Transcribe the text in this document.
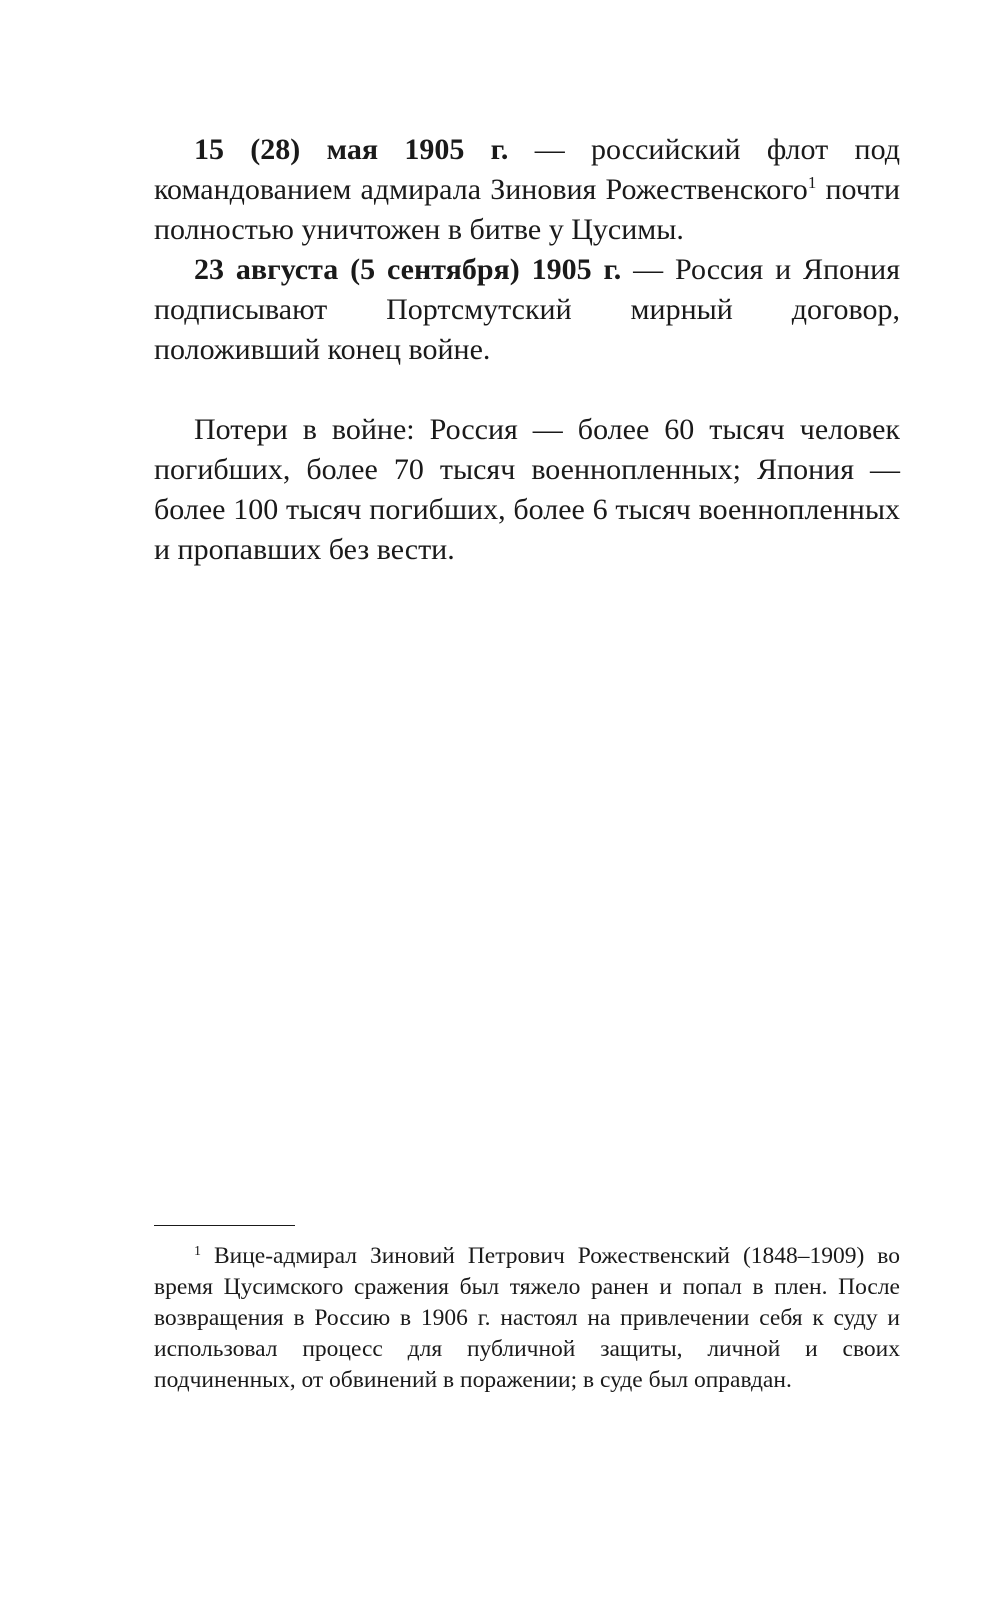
15 (28) мая 1905 г. — российский флот под командованием адмирала Зиновия Рожественского$^1$ почти полностью уничтожен в битве у Цусимы.

23 августа (5 сентября) 1905 г. — Россия и Япония подписывают Портсмутский мирный договор, положивший конец войне.

Потери в войне: Россия — более 60 тысяч человек погибших, более 70 тысяч военнопленных; Япония — более 100 тысяч погибших, более 6 тысяч военнопленных и пропавших без вести.

$^1$ Вице-адмирал Зиновий Петрович Рожественский (1848–1909) во время Цусимского сражения был тяжело ранен и попал в плен. После возвращения в Россию в 1906 г. настоял на привлечении себя к суду и использовал процесс для публичной защиты, личной и своих подчиненных, от обвинений в поражении; в суде был оправдан.
